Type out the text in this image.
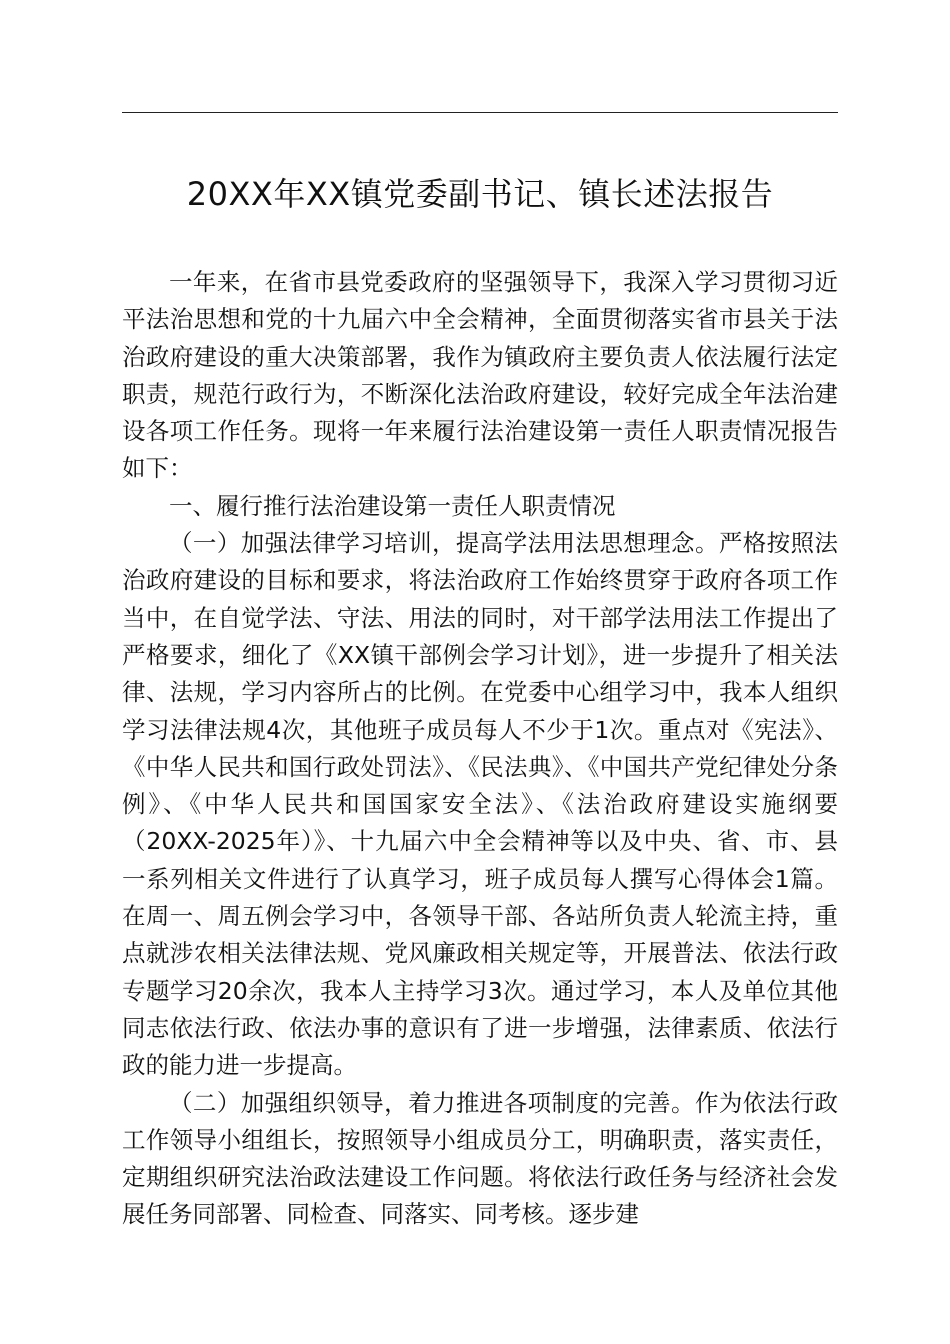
20XX年XX镇党委副书记、镇长述法报告

一年来，在省市县党委政府的坚强领导下，我深入学习贯彻习近平法治思想和党的十九届六中全会精神，全面贯彻落实省市县关于法治政府建设的重大决策部署，我作为镇政府主要负责人依法履行法定职责，规范行政行为，不断深化法治政府建设，较好完成全年法治建设各项工作任务。现将一年来履行法治建设第一责任人职责情况报告如下：

一、履行推行法治建设第一责任人职责情况

（一）加强法律学习培训，提高学法用法思想理念。严格按照法治政府建设的目标和要求，将法治政府工作始终贯穿于政府各项工作当中，在自觉学法、守法、用法的同时，对干部学法用法工作提出了严格要求，细化了《XX镇干部例会学习计划》，进一步提升了相关法律、法规，学习内容所占的比例。在党委中心组学习中，我本人组织学习法律法规4次，其他班子成员每人不少于1次。重点对《宪法》、《中华人民共和国行政处罚法》、《民法典》、《中国共产党纪律处分条例》、《中华人民共和国国家安全法》、《法治政府建设实施纲要（20XX-2025年）》、十九届六中全会精神等以及中央、省、市、县一系列相关文件进行了认真学习，班子成员每人撰写心得体会1篇。在周一、周五例会学习中，各领导干部、各站所负责人轮流主持，重点就涉农相关法律法规、党风廉政相关规定等，开展普法、依法行政专题学习20余次，我本人主持学习3次。通过学习，本人及单位其他同志依法行政、依法办事的意识有了进一步增强，法律素质、依法行政的能力进一步提高。

（二）加强组织领导，着力推进各项制度的完善。作为依法行政工作领导小组组长，按照领导小组成员分工，明确职责，落实责任，定期组织研究法治政法建设工作问题。将依法行政任务与经济社会发展任务同部署、同检查、同落实、同考核。逐步建
